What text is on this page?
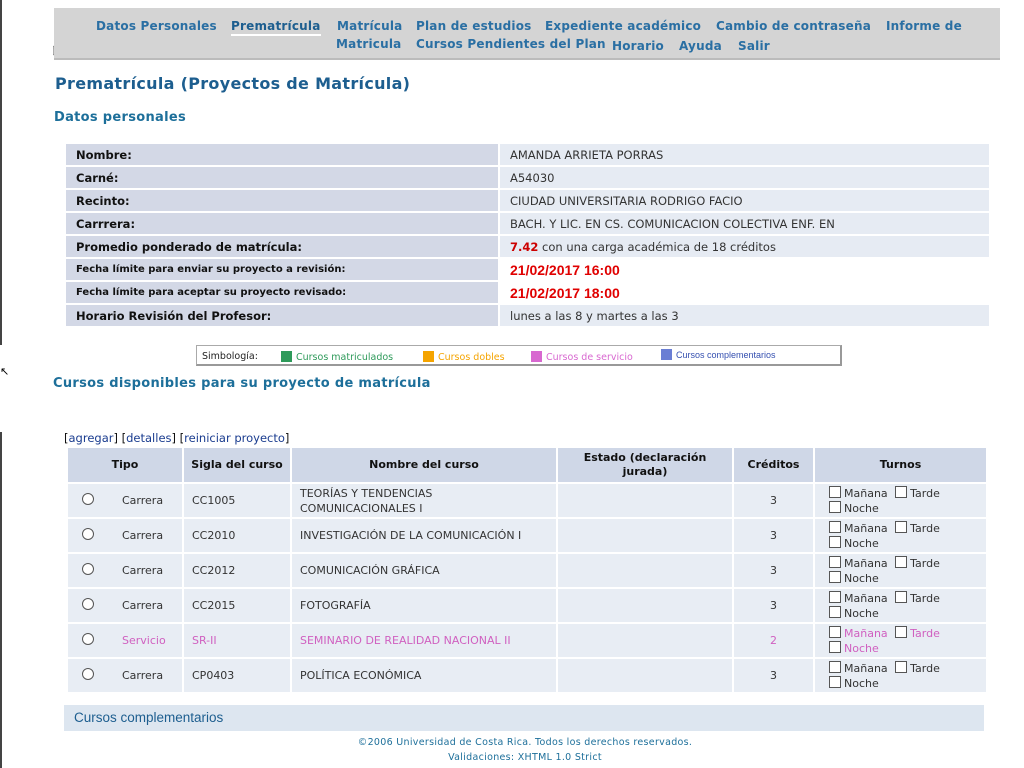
Datos Personales Prematrícula Matrícula Plan de estudios Expediente académico Cambio de contraseña Informe de
Matricula Cursos Pendientes del Plan Horario Ayuda Salir
Prematrícula (Proyectos de Matrícula)
Datos personales
Nombre:	AMANDA ARRIETA PORRAS
Carné:	A54030
Recinto:	CIUDAD UNIVERSITARIA RODRIGO FACIO
Carrrera:	BACH. Y LIC. EN CS. COMUNICACION COLECTIVA ENF. EN
Promedio ponderado de matrícula:	7.42 con una carga académica de 18 créditos
Fecha límite para enviar su proyecto a revisión:	21/02/2017 16:00
Fecha límite para aceptar su proyecto revisado:	21/02/2017 18:00
Horario Revisión del Profesor:	lunes a las 8 y martes a las 3
Simbología:	Cursos matriculados	Cursos dobles	Cursos de servicio	Cursos complementarios
↖
Cursos disponibles para su proyecto de matrícula
[agregar] [detalles] [reiniciar proyecto]
Tipo	Sigla del curso	Nombre del curso	Estado (declaración jurada)	Créditos	Turnos

Carrera	CC1005	TEORÍAS Y TENDENCIAS COMUNICACIONALES I		3	Mañana Tarde
Noche

Carrera	CC2010	INVESTIGACIÓN DE LA COMUNICACIÓN I		3	Mañana Tarde
Noche

Carrera	CC2012	COMUNICACIÓN GRÁFICA		3	Mañana Tarde
Noche

Carrera	CC2015	FOTOGRAFÍA		3	Mañana Tarde
Noche

Servicio	SR-II	SEMINARIO DE REALIDAD NACIONAL II		2	Mañana Tarde
Noche

Carrera	CP0403	POLÍTICA ECONÓMICA		3	Mañana Tarde
Noche
Cursos complementarios
©2006 Universidad de Costa Rica. Todos los derechos reservados.
Validaciones: XHTML 1.0 Strict
